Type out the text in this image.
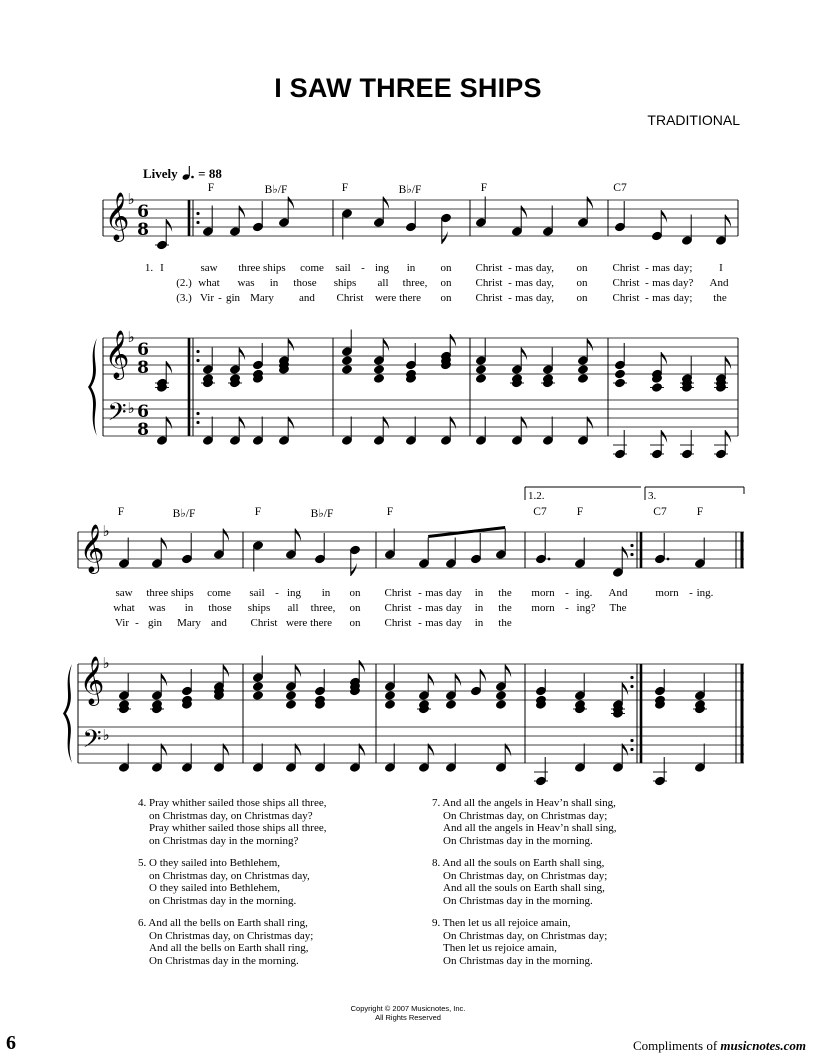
I SAW THREE SHIPS
TRADITIONAL
Lively = 88
𝄞
♭
6
8
𝄞
♭
6
8
𝄢 ♭ 6
8
𝄞
♭
𝄞
♭
𝄢 ♭
F	B♭/F	F	B♭/F	F	C7
1. I	saw three ships come sail - ing in on Christ - mas day, on Christ - mas day; I
(2.) what was in those ships all three, on Christ - mas day, on Christ - mas day? And
(3.) Vir - gin Mary and Christ were there on Christ - mas day, on Christ - mas day; the
1.2.	3.
F	B♭/F	F	B♭/F	F	C7	F	C7	F
saw three ships come sail - ing in on Christ - mas day in the morn - ing. And	morn - ing.
what was in those ships all three, on Christ - mas day in the morn - ing? The
Vir - gin Mary and Christ were there on Christ - mas day in the
4. Pray whither sailed those ships all three,
on Christmas day, on Christmas day?
Pray whither sailed those ships all three,
on Christmas day in the morning?
5. O they sailed into Bethlehem,
on Christmas day, on Christmas day,
O they sailed into Bethlehem,
on Christmas day in the morning.
6. And all the bells on Earth shall ring,
On Christmas day, on Christmas day;
And all the bells on Earth shall ring,
On Christmas day in the morning.
7. And all the angels in Heav’n shall sing,
On Christmas day, on Christmas day;
And all the angels in Heav’n shall sing,
On Christmas day in the morning.
8. And all the souls on Earth shall sing,
On Christmas day, on Christmas day;
And all the souls on Earth shall sing,
On Christmas day in the morning.
9. Then let us all rejoice amain,
On Christmas day, on Christmas day;
Then let us rejoice amain,
On Christmas day in the morning.
Copyright © 2007 Musicnotes, Inc.
All Rights Reserved
6	Compliments of musicnotes.com
